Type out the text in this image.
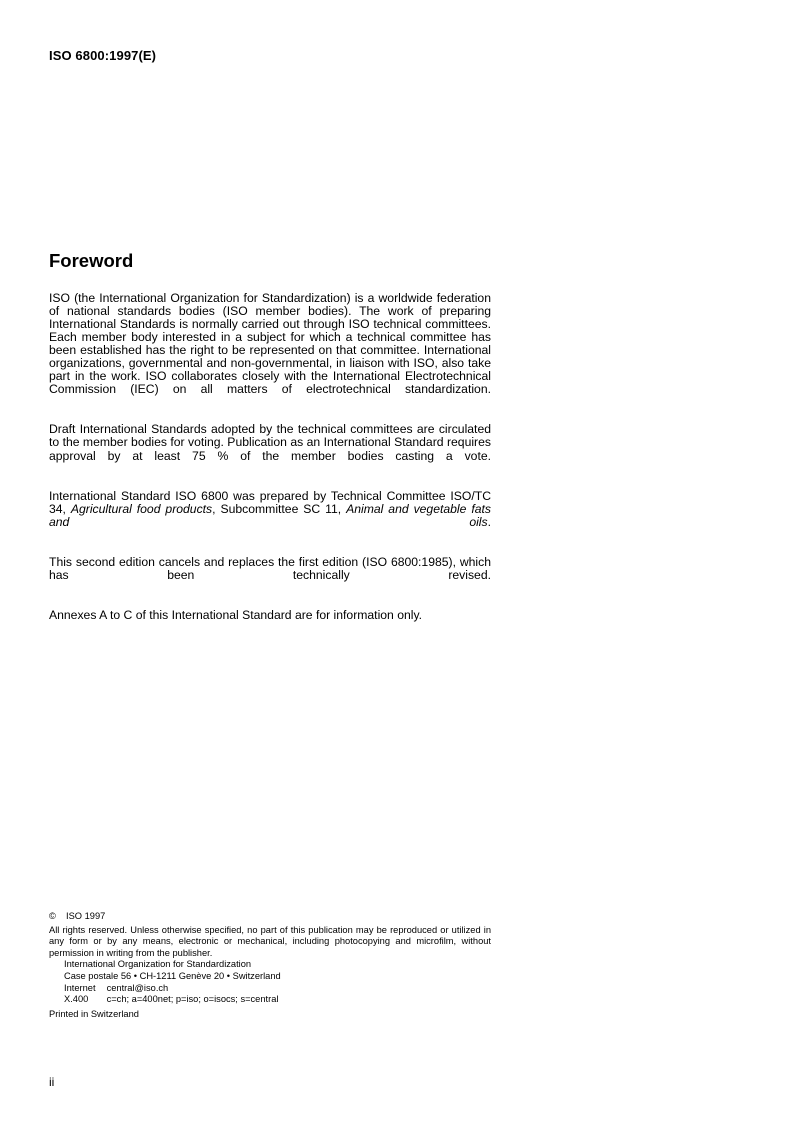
ISO 6800:1997(E)
Foreword

ISO (the International Organization for Standardization) is a worldwide federation of national standards bodies (ISO member bodies). The work of preparing International Standards is normally carried out through ISO technical committees. Each member body interested in a subject for which a technical committee has been established has the right to be represented on that committee. International organizations, governmental and non-governmental, in liaison with ISO, also take part in the work. ISO collaborates closely with the International Electrotechnical Commission (IEC) on all matters of electrotechnical standardization.

Draft International Standards adopted by the technical committees are circulated to the member bodies for voting. Publication as an International Standard requires approval by at least 75 % of the member bodies casting a vote.

International Standard ISO 6800 was prepared by Technical Committee ISO/TC 34, Agricultural food products, Subcommittee SC 11, Animal and vegetable fats and oils.

This second edition cancels and replaces the first edition (ISO 6800:1985), which has been technically revised.

Annexes A to C of this International Standard are for information only.

© ISO 1997
All rights reserved. Unless otherwise specified, no part of this publication may be reproduced or utilized in any form or by any means, electronic or mechanical, including photocopying and microfilm, without permission in writing from the publisher.
International Organization for Standardization
Case postale 56 • CH-1211 Genève 20 • Switzerland
Internet central@iso.ch
X.400 c=ch; a=400net; p=iso; o=isocs; s=central
Printed in Switzerland
ii
